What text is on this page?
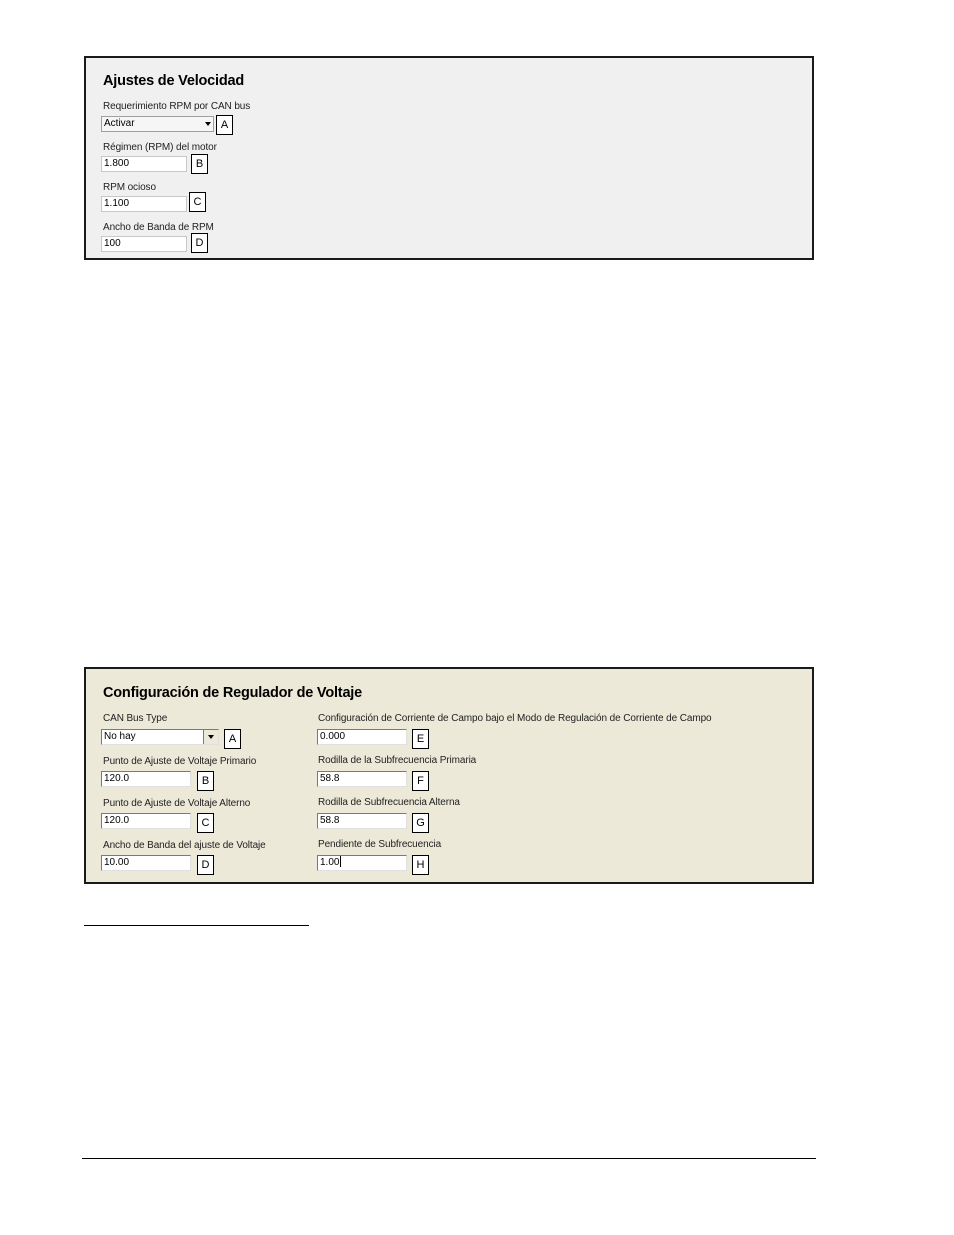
Ajustes de Velocidad
Requerimiento RPM por CAN bus
Activar	A
Régimen (RPM) del motor
1.800	B
RPM ocioso
1.100	C
Ancho de Banda de RPM
100	D
Configuración de Regulador de Voltaje
CAN Bus Type
No hay	A
Punto de Ajuste de Voltaje Primario
120.0	B
Punto de Ajuste de Voltaje Alterno
120.0	C
Ancho de Banda del ajuste de Voltaje
10.00	D
Configuración de Corriente de Campo bajo el Modo de Regulación de Corriente de Campo
0.000	E
Rodilla de la Subfrecuencia Primaria
58.8	F
Rodilla de Subfrecuencia Alterna
58.8	G
Pendiente de Subfrecuencia
1.00	H
